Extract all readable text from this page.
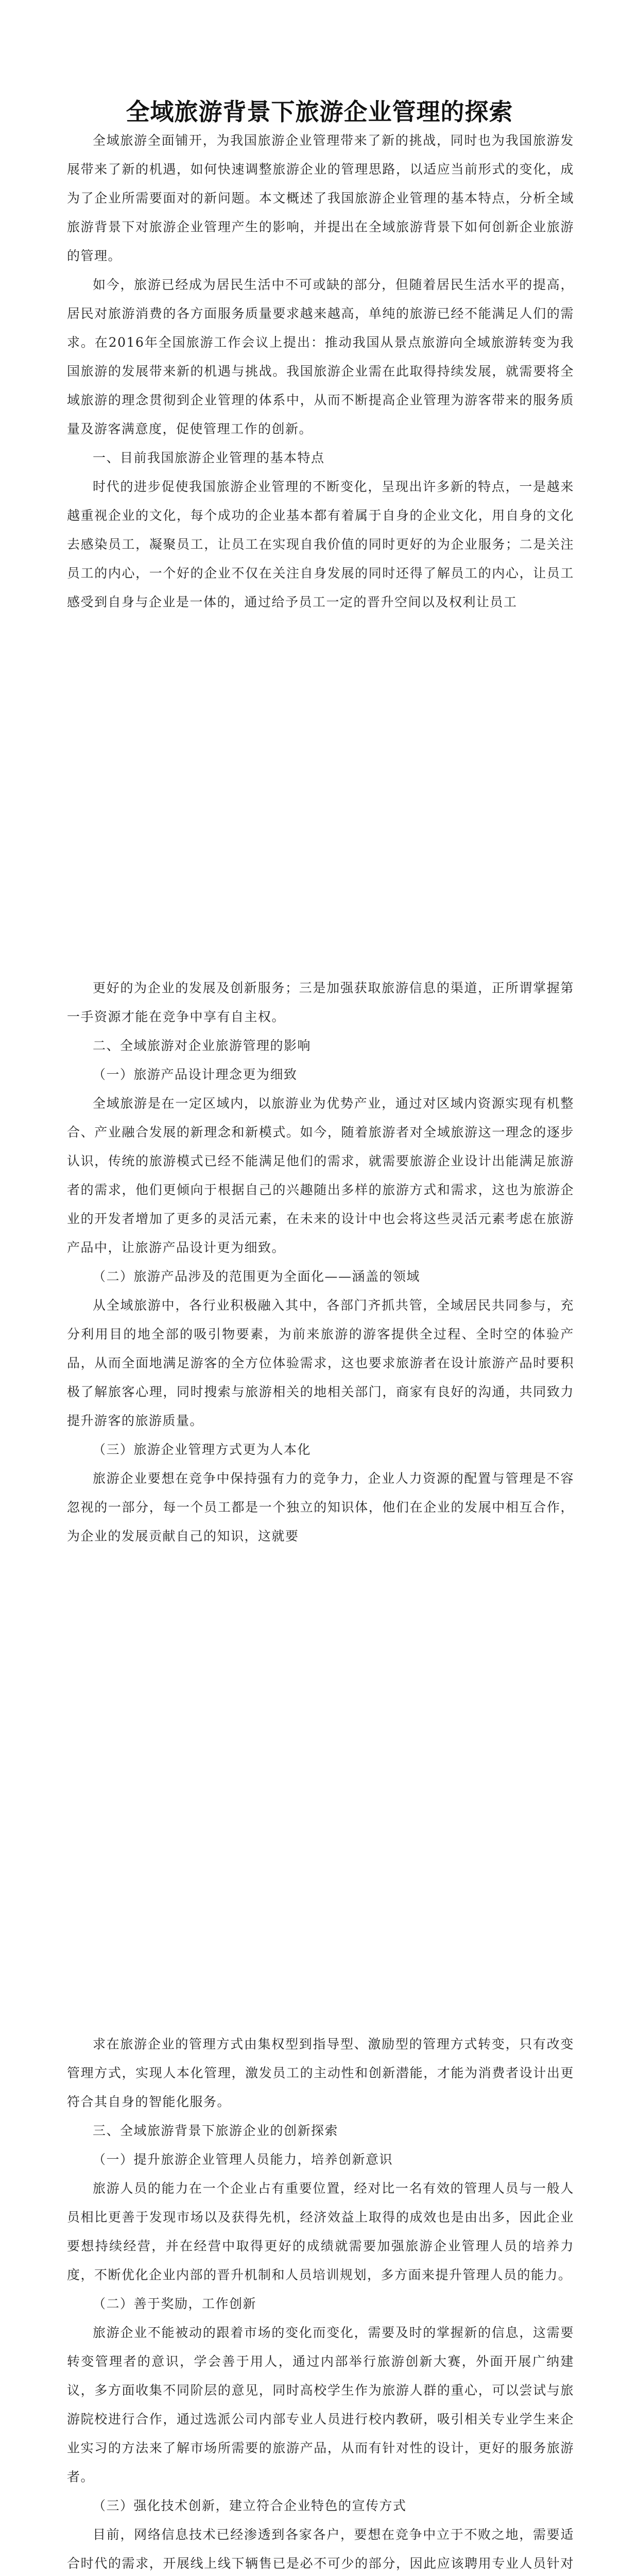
全域旅游背景下旅游企业管理的探索

全域旅游全面铺开，为我国旅游企业管理带来了新的挑战，同时也为我国旅游发展带来了新的机遇，如何快速调整旅游企业的管理思路，以适应当前形式的变化，成为了企业所需要面对的新问题。本文概述了我国旅游企业管理的基本特点，分析全域旅游背景下对旅游企业管理产生的影响，并提出在全域旅游背景下如何创新企业旅游的管理。

如今，旅游已经成为居民生活中不可或缺的部分，但随着居民生活水平的提高，居民对旅游消费的各方面服务质量要求越来越高，单纯的旅游已经不能满足人们的需求。在2016年全国旅游工作会议上提出：推动我国从景点旅游向全域旅游转变为我国旅游的发展带来新的机遇与挑战。我国旅游企业需在此取得持续发展，就需要将全域旅游的理念贯彻到企业管理的体系中，从而不断提高企业管理为游客带来的服务质量及游客满意度，促使管理工作的创新。

一、目前我国旅游企业管理的基本特点

时代的进步促使我国旅游企业管理的不断变化，呈现出许多新的特点，一是越来越重视企业的文化，每个成功的企业基本都有着属于自身的企业文化，用自身的文化去感染员工，凝聚员工，让员工在实现自我价值的同时更好的为企业服务；二是关注员工的内心，一个好的企业不仅在关注自身发展的同时还得了解员工的内心，让员工感受到自身与企业是一体的，通过给予员工一定的晋升空间以及权利让员工

更好的为企业的发展及创新服务；三是加强获取旅游信息的渠道，正所谓掌握第一手资源才能在竞争中享有自主权。

二、全域旅游对企业旅游管理的影响

（一）旅游产品设计理念更为细致

全域旅游是在一定区域内，以旅游业为优势产业，通过对区域内资源实现有机整合、产业融合发展的新理念和新模式。如今，随着旅游者对全域旅游这一理念的逐步认识，传统的旅游模式已经不能满足他们的需求，就需要旅游企业设计出能满足旅游者的需求，他们更倾向于根据自己的兴趣随出多样的旅游方式和需求，这也为旅游企业的开发者增加了更多的灵活元素，在未来的设计中也会将这些灵活元素考虑在旅游产品中，让旅游产品设计更为细致。

（二）旅游产品涉及的范围更为全面化——涵盖的领域

从全域旅游中，各行业积极融入其中，各部门齐抓共管，全域居民共同参与，充分利用目的地全部的吸引物要素，为前来旅游的游客提供全过程、全时空的体验产品，从而全面地满足游客的全方位体验需求，这也要求旅游者在设计旅游产品时要积极了解旅客心理，同时搜索与旅游相关的地相关部门，商家有良好的沟通，共同致力提升游客的旅游质量。

（三）旅游企业管理方式更为人本化

旅游企业要想在竞争中保持强有力的竞争力，企业人力资源的配置与管理是不容忽视的一部分，每一个员工都是一个独立的知识体，他们在企业的发展中相互合作，为企业的发展贡献自己的知识，这就要

求在旅游企业的管理方式由集权型到指导型、激励型的管理方式转变，只有改变管理方式，实现人本化管理，激发员工的主动性和创新潜能，才能为消费者设计出更符合其自身的智能化服务。

三、全域旅游背景下旅游企业的创新探索

（一）提升旅游企业管理人员能力，培养创新意识

旅游人员的能力在一个企业占有重要位置，经对比一名有效的管理人员与一般人员相比更善于发现市场以及获得先机，经济效益上取得的成效也是由出多，因此企业要想持续经营，并在经营中取得更好的成绩就需要加强旅游企业管理人员的培养力度，不断优化企业内部的晋升机制和人员培训规划，多方面来提升管理人员的能力。

（二）善于奖励，工作创新

旅游企业不能被动的跟着市场的变化而变化，需要及时的掌握新的信息，这需要转变管理者的意识，学会善于用人，通过内部举行旅游创新大赛，外面开展广纳建议，多方面收集不同阶层的意见，同时高校学生作为旅游人群的重心，可以尝试与旅游院校进行合作，通过选派公司内部专业人员进行校内教研，吸引相关专业学生来企业实习的方法来了解市场所需要的旅游产品，从而有针对性的设计，更好的服务旅游者。

（三）强化技术创新，建立符合企业特色的宣传方式

目前，网络信息技术已经渗透到各家各户，要想在竞争中立于不败之地，需要适合时代的需求，开展线上线下辆售已是必不可少的部分，因此应该聘用专业人员针对
